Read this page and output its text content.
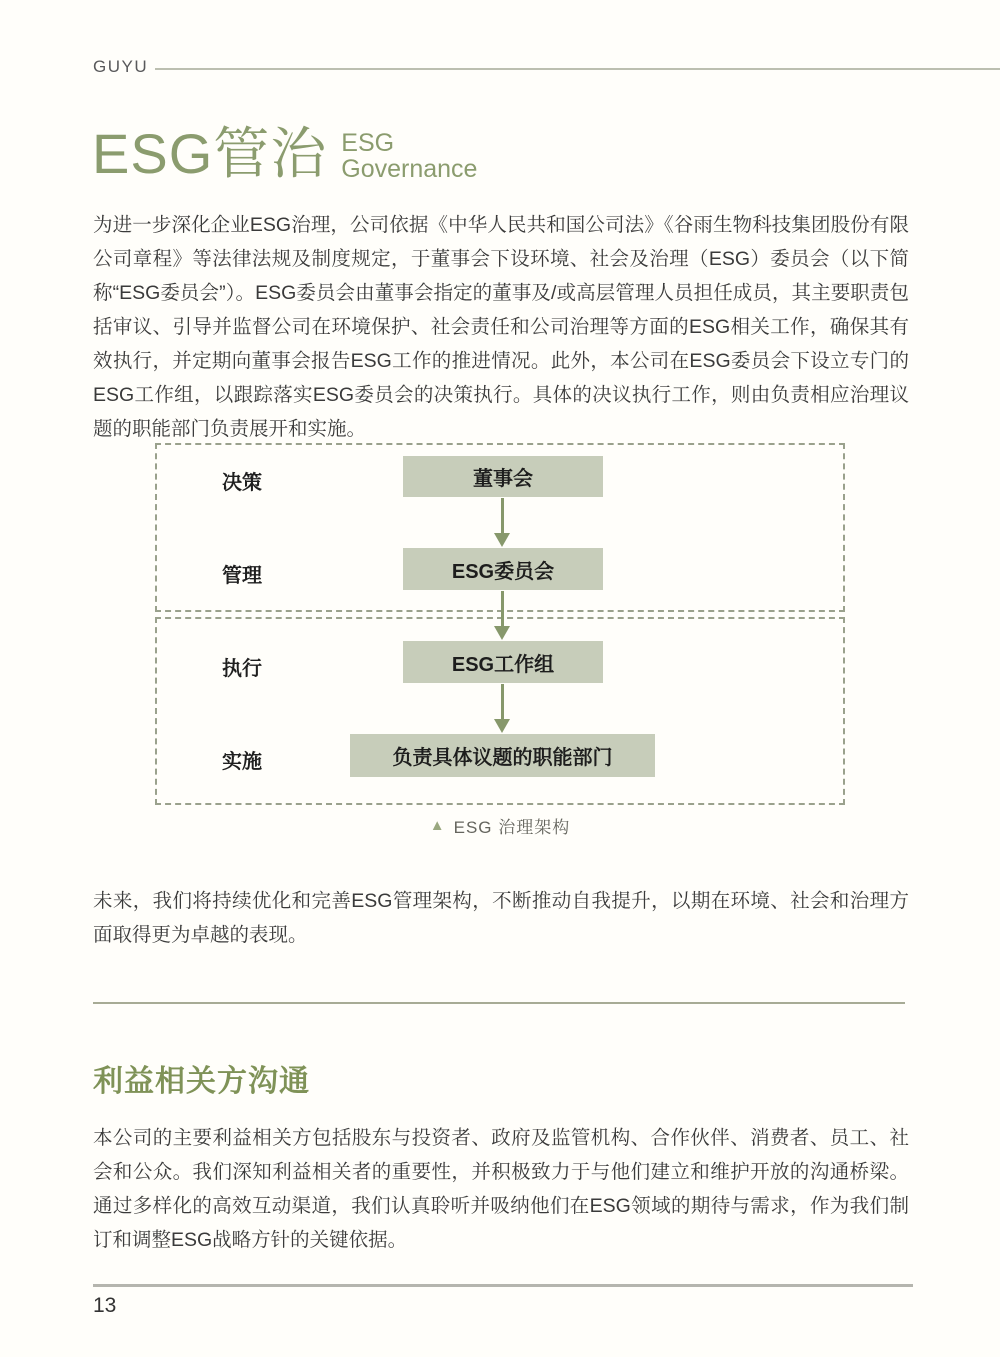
GUYU
ESG管治 ESG
Governance
为进一步深化企业ESG治理，公司依据《中华人民共和国公司法》《谷雨生物科技集团股份有限公司章程》等法律法规及制度规定，于董事会下设环境、社会及治理（ESG）委员会（以下简称“ESG委员会”）。ESG委员会由董事会指定的董事及/或高层管理人员担任成员，其主要职责包括审议、引导并监督公司在环境保护、社会责任和公司治理等方面的ESG相关工作，确保其有效执行，并定期向董事会报告ESG工作的推进情况。此外，本公司在ESG委员会下设立专门的ESG工作组，以跟踪落实ESG委员会的决策执行。具体的决议执行工作，则由负责相应治理议题的职能部门负责展开和实施。
决策
管理
执行
实施
董事会
ESG委员会
ESG工作组
负责具体议题的职能部门
▲ ESG 治理架构
未来，我们将持续优化和完善ESG管理架构，不断推动自我提升，以期在环境、社会和治理方面取得更为卓越的表现。
利益相关方沟通
本公司的主要利益相关方包括股东与投资者、政府及监管机构、合作伙伴、消费者、员工、社会和公众。我们深知利益相关者的重要性，并积极致力于与他们建立和维护开放的沟通桥梁。通过多样化的高效互动渠道，我们认真聆听并吸纳他们在ESG领域的期待与需求，作为我们制订和调整ESG战略方针的关键依据。
13
